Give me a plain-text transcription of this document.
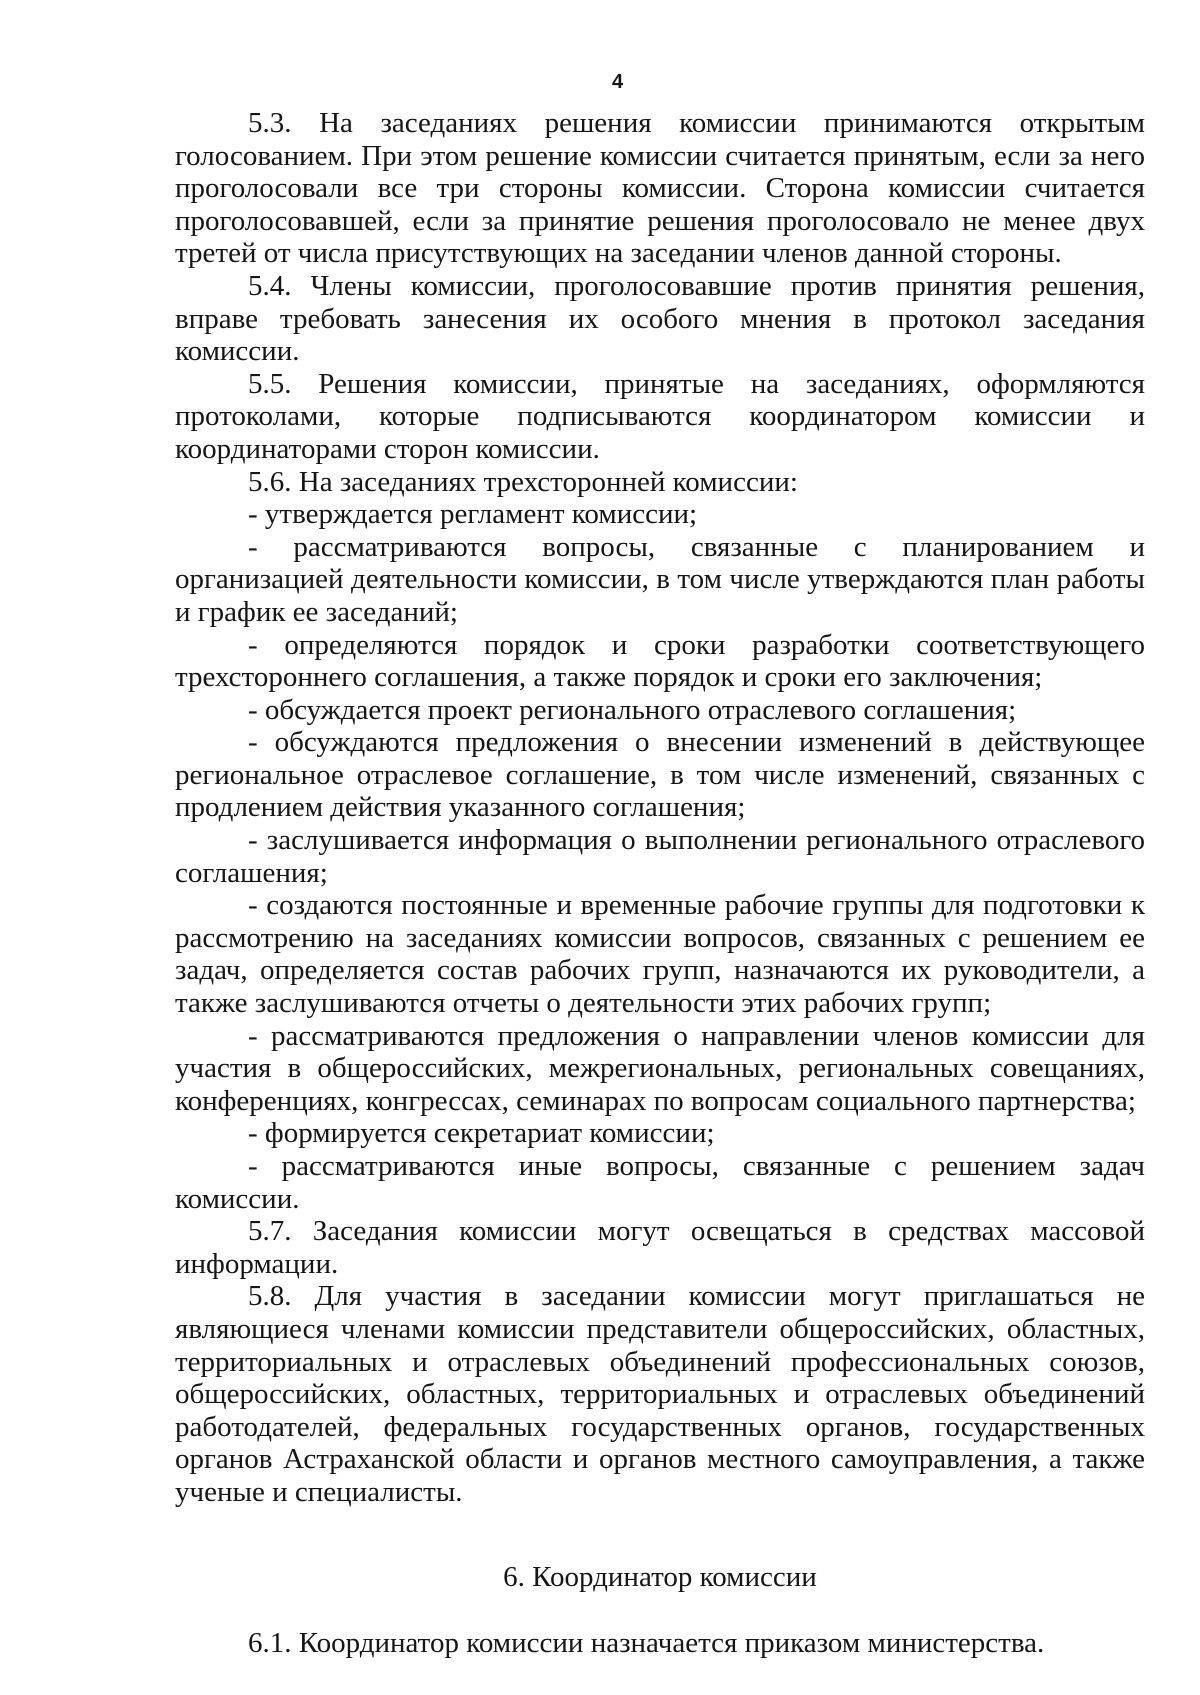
4

5.3. На заседаниях решения комиссии принимаются открытым голосованием. При этом решение комиссии считается принятым, если за него проголосовали все три стороны комиссии. Сторона комиссии считается проголосовавшей, если за принятие решения проголосовало не менее двух третей от числа присутствующих на заседании членов данной стороны.

5.4. Члены комиссии, проголосовавшие против принятия решения, вправе требовать занесения их особого мнения в протокол заседания комиссии.

5.5. Решения комиссии, принятые на заседаниях, оформляются протоколами, которые подписываются координатором комиссии и координаторами сторон комиссии.

5.6. На заседаниях трехсторонней комиссии:

- утверждается регламент комиссии;

- рассматриваются вопросы, связанные с планированием и организацией деятельности комиссии, в том числе утверждаются план работы и график ее заседаний;

- определяются порядок и сроки разработки соответствующего трехстороннего соглашения, а также порядок и сроки его заключения;

- обсуждается проект регионального отраслевого соглашения;

- обсуждаются предложения о внесении изменений в действующее региональное отраслевое соглашение, в том числе изменений, связанных с продлением действия указанного соглашения;

- заслушивается информация о выполнении регионального отраслевого соглашения;

- создаются постоянные и временные рабочие группы для подготовки к рассмотрению на заседаниях комиссии вопросов, связанных с решением ее задач, определяется состав рабочих групп, назначаются их руководители, а также заслушиваются отчеты о деятельности этих рабочих групп;

- рассматриваются предложения о направлении членов комиссии для участия в общероссийских, межрегиональных, региональных совещаниях, конференциях, конгрессах, семинарах по вопросам социального партнерства;

- формируется секретариат комиссии;

- рассматриваются иные вопросы, связанные с решением задач комиссии.

5.7. Заседания комиссии могут освещаться в средствах массовой информации.

5.8. Для участия в заседании комиссии могут приглашаться не являющиеся членами комиссии представители общероссийских, областных, территориальных и отраслевых объединений профессиональных союзов, общероссийских, областных, территориальных и отраслевых объединений работодателей, федеральных государственных органов, государственных органов Астраханской области и органов местного самоуправления, а также ученые и специалисты.

6. Координатор комиссии

6.1. Координатор комиссии назначается приказом министерства.
